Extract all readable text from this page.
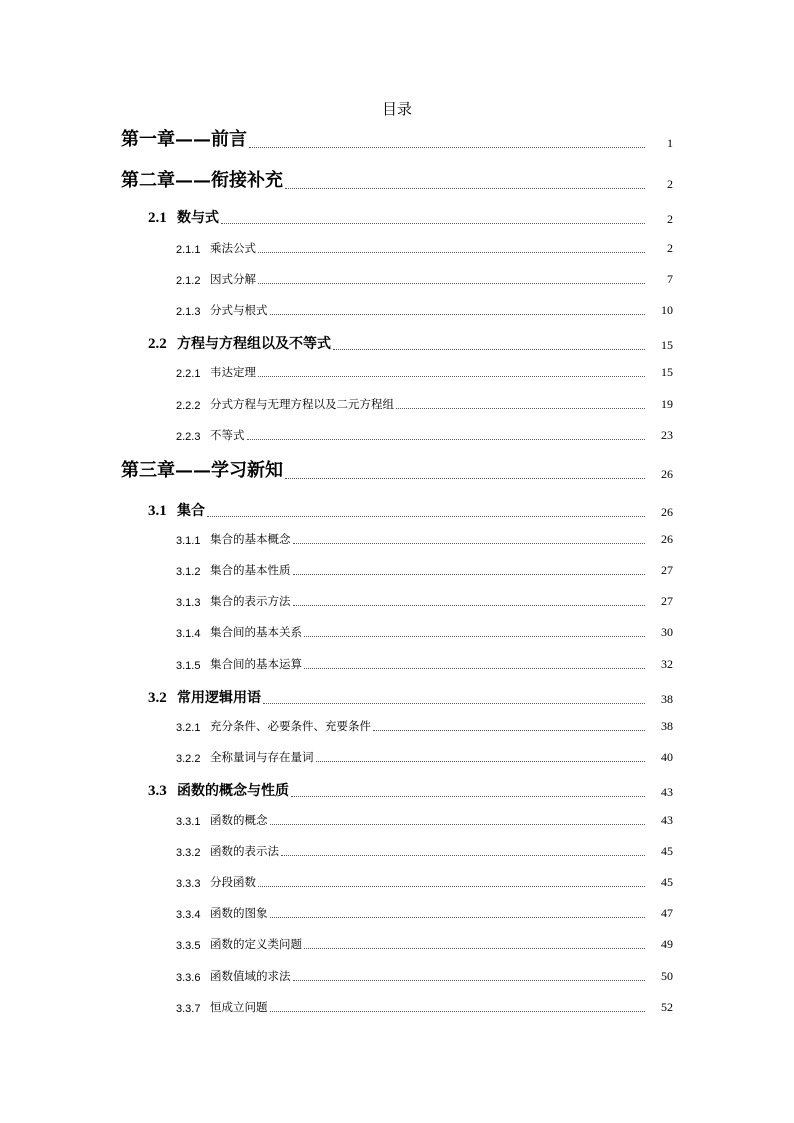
目录
第一章——前言	1
第二章——衔接补充	2
2.1 数与式	2
2.1.1 乘法公式	2
2.1.2 因式分解	7
2.1.3 分式与根式	10
2.2 方程与方程组以及不等式	15
2.2.1 韦达定理	15
2.2.2 分式方程与无理方程以及二元方程组	19
2.2.3 不等式	23
第三章——学习新知	26
3.1 集合	26
3.1.1 集合的基本概念	26
3.1.2 集合的基本性质	27
3.1.3 集合的表示方法	27
3.1.4 集合间的基本关系	30
3.1.5 集合间的基本运算	32
3.2 常用逻辑用语	38
3.2.1 充分条件、必要条件、充要条件	38
3.2.2 全称量词与存在量词	40
3.3 函数的概念与性质	43
3.3.1 函数的概念	43
3.3.2 函数的表示法	45
3.3.3 分段函数	45
3.3.4 函数的图象	47
3.3.5 函数的定义类问题	49
3.3.6 函数值域的求法	50
3.3.7 恒成立问题	52
